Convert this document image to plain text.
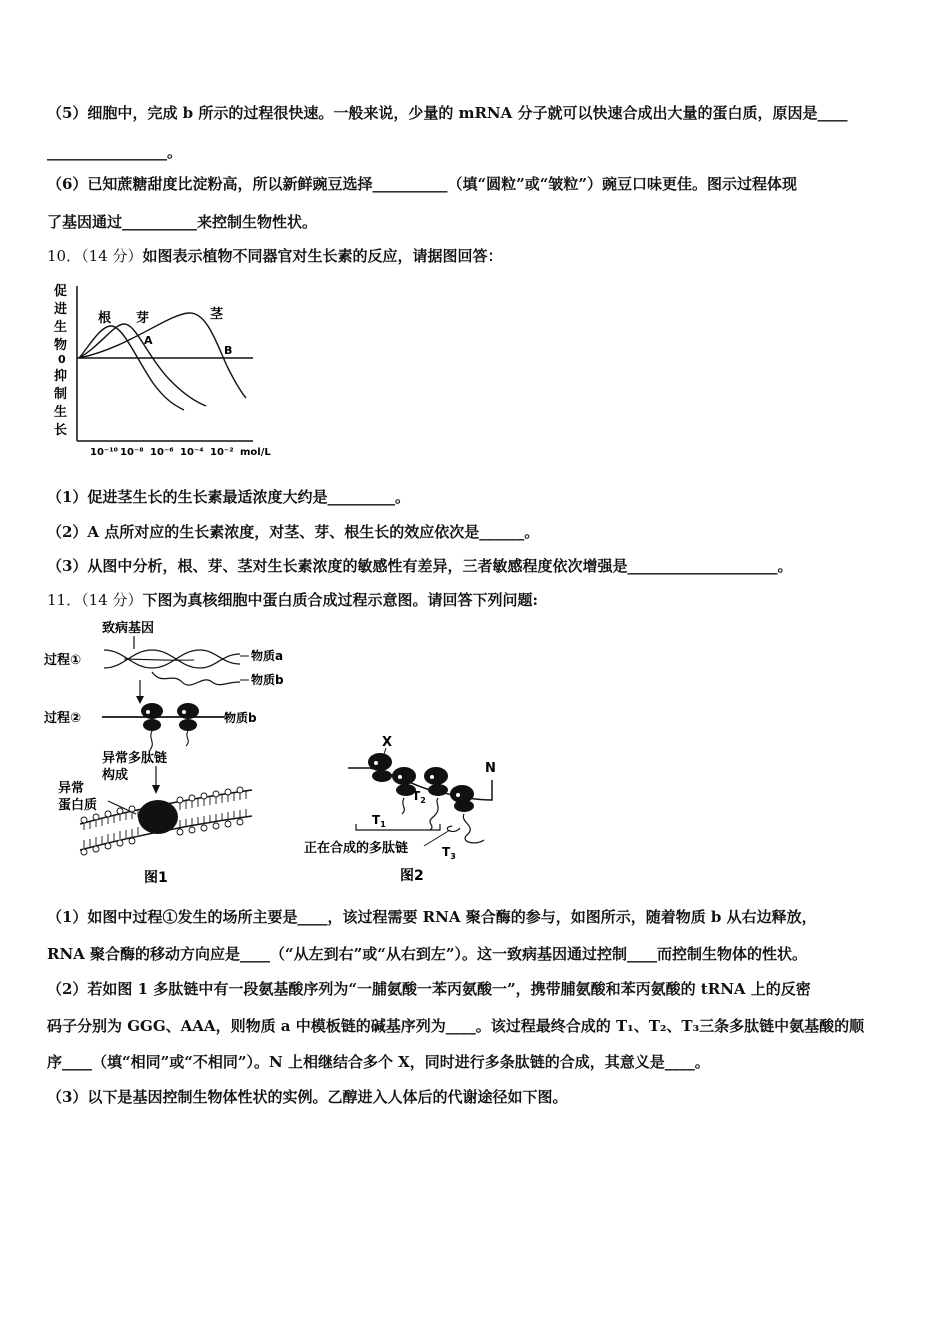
（5）细胞中，完成 b 所示的过程很快速。一般来说，少量的 mRNA 分子就可以快速合成出大量的蛋白质，原因是____
________________。
（6）已知蔗糖甜度比淀粉高，所以新鲜豌豆选择__________（填“圆粒”或“皱粒”）豌豆口味更佳。图示过程体现
了基因通过__________来控制生物性状。
10．（14 分）如图表示植物不同器官对生长素的反应，请据图回答：
促
进
生
物
0
抑
制
生
长
根 芽	茎
A
B
10⁻¹⁰ 10⁻⁸ 10⁻⁶ 10⁻⁴ 10⁻² mol/L
（1）促进茎生长的生长素最适浓度大约是_________。
（2）A 点所对应的生长素浓度，对茎、芽、根生长的效应依次是______。
（3）从图中分析，根、芽、茎对生长素浓度的敏感性有差异，三者敏感程度依次增强是____________________。
11．（14 分）下图为真核细胞中蛋白质合成过程示意图。请回答下列问题:
致病基因
过程①	物质a
物质b
过程②	物质b
异常多肽链
构成
异常
蛋白质
图1
X
N
$T_2$
$T_1$
正在合成的多肽链	$T_3$
图2
（1）如图中过程①发生的场所主要是____，该过程需要 RNA 聚合酶的参与，如图所示，随着物质 b 从右边释放，
RNA 聚合酶的移动方向应是____（“从左到右”或“从右到左”）。这一致病基因通过控制____而控制生物体的性状。
（2）若如图 1 多肽链中有一段氨基酸序列为“一脯氨酸一苯丙氨酸一”，携带脯氨酸和苯丙氨酸的 tRNA 上的反密
码子分别为 GGG、AAA，则物质 a 中模板链的碱基序列为____。该过程最终合成的 T₁、T₂、T₃三条多肽链中氨基酸的顺
序____（填“相同”或“不相同”）。N 上相继结合多个 X，同时进行多条肽链的合成，其意义是____。
（3）以下是基因控制生物体性状的实例。乙醇进入人体后的代谢途径如下图。
